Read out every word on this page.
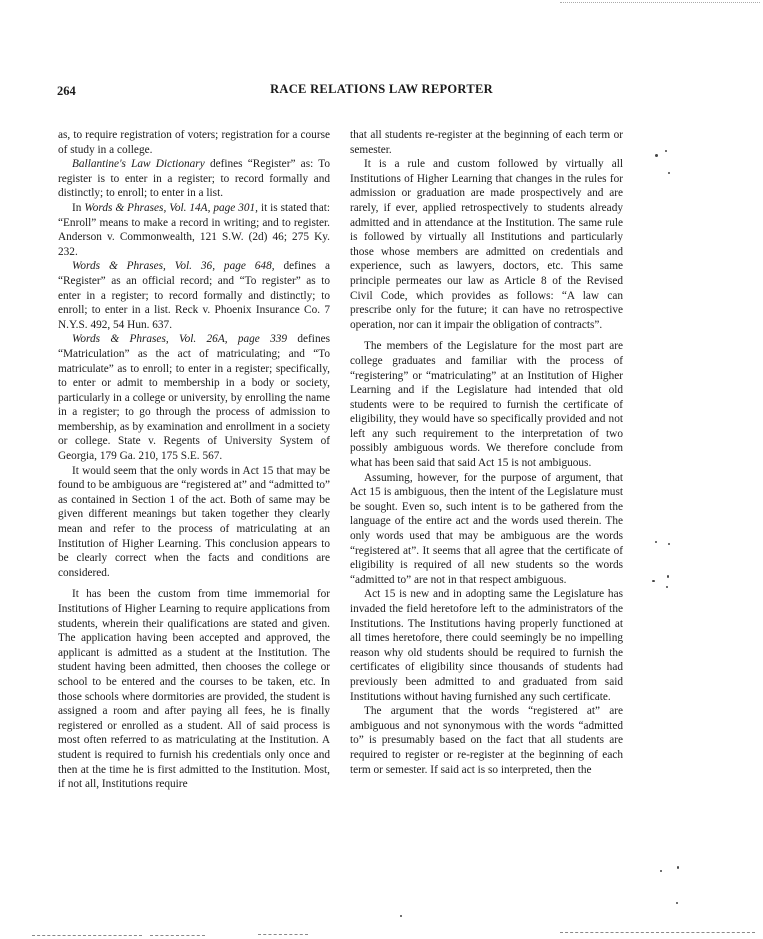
264	RACE RELATIONS LAW REPORTER

as, to require registration of voters; registration for a course of study in a college.

Ballantine's Law Dictionary defines “Register” as: To register is to enter in a register; to record formally and distinctly; to enroll; to enter in a list.

In Words & Phrases, Vol. 14A, page 301, it is stated that: “Enroll” means to make a record in writing; and to register. Anderson v. Commonwealth, 121 S.W. (2d) 46; 275 Ky. 232.

Words & Phrases, Vol. 36, page 648, defines a “Register” as an official record; and “To register” as to enter in a register; to record formally and distinctly; to enroll; to enter in a list. Reck v. Phoenix Insurance Co. 7 N.Y.S. 492, 54 Hun. 637.

Words & Phrases, Vol. 26A, page 339 defines “Matriculation” as the act of matriculating; and “To matriculate” as to enroll; to enter in a register; specifically, to enter or admit to membership in a body or society, particularly in a college or university, by enrolling the name in a register; to go through the process of admission to membership, as by examination and enrollment in a society or college. State v. Regents of University System of Georgia, 179 Ga. 210, 175 S.E. 567.

It would seem that the only words in Act 15 that may be found to be ambiguous are “registered at” and “admitted to” as contained in Section 1 of the act. Both of same may be given different meanings but taken together they clearly mean and refer to the process of matriculating at an Institution of Higher Learning. This conclusion appears to be clearly correct when the facts and conditions are considered.

It has been the custom from time immemorial for Institutions of Higher Learning to require applications from students, wherein their qualifications are stated and given. The application having been accepted and approved, the applicant is admitted as a student at the Institution. The student having been admitted, then chooses the college or school to be entered and the courses to be taken, etc. In those schools where dormitories are provided, the student is assigned a room and after paying all fees, he is finally registered or enrolled as a student. All of said process is most often referred to as matriculating at the Institution. A student is required to furnish his credentials only once and then at the time he is first admitted to the Institution. Most, if not all, Institutions require

that all students re-register at the beginning of each term or semester.

It is a rule and custom followed by virtually all Institutions of Higher Learning that changes in the rules for admission or graduation are made prospectively and are rarely, if ever, applied retrospectively to students already admitted and in attendance at the Institution. The same rule is followed by virtually all Institutions and particularly those whose members are admitted on credentials and experience, such as lawyers, doctors, etc. This same principle permeates our law as Article 8 of the Revised Civil Code, which provides as follows: “A law can prescribe only for the future; it can have no retrospective operation, nor can it impair the obligation of contracts”.

The members of the Legislature for the most part are college graduates and familiar with the process of “registering” or “matriculating” at an Institution of Higher Learning and if the Legislature had intended that old students were to be required to furnish the certificate of eligibility, they would have so specifically provided and not left any such requirement to the interpretation of two possibly ambiguous words. We therefore conclude from what has been said that said Act 15 is not ambiguous.

Assuming, however, for the purpose of argument, that Act 15 is ambiguous, then the intent of the Legislature must be sought. Even so, such intent is to be gathered from the language of the entire act and the words used therein. The only words used that may be ambiguous are the words “registered at”. It seems that all agree that the certificate of eligibility is required of all new students so the words “admitted to” are not in that respect ambiguous.

Act 15 is new and in adopting same the Legislature has invaded the field heretofore left to the administrators of the Institutions. The Institutions having properly functioned at all times heretofore, there could seemingly be no impelling reason why old students should be required to furnish the certificates of eligibility since thousands of students had previously been admitted to and graduated from said Institutions without having furnished any such certificate.

The argument that the words “registered at” are ambiguous and not synonymous with the words “admitted to” is presumably based on the fact that all students are required to register or re-register at the beginning of each term or semester. If said act is so interpreted, then the
